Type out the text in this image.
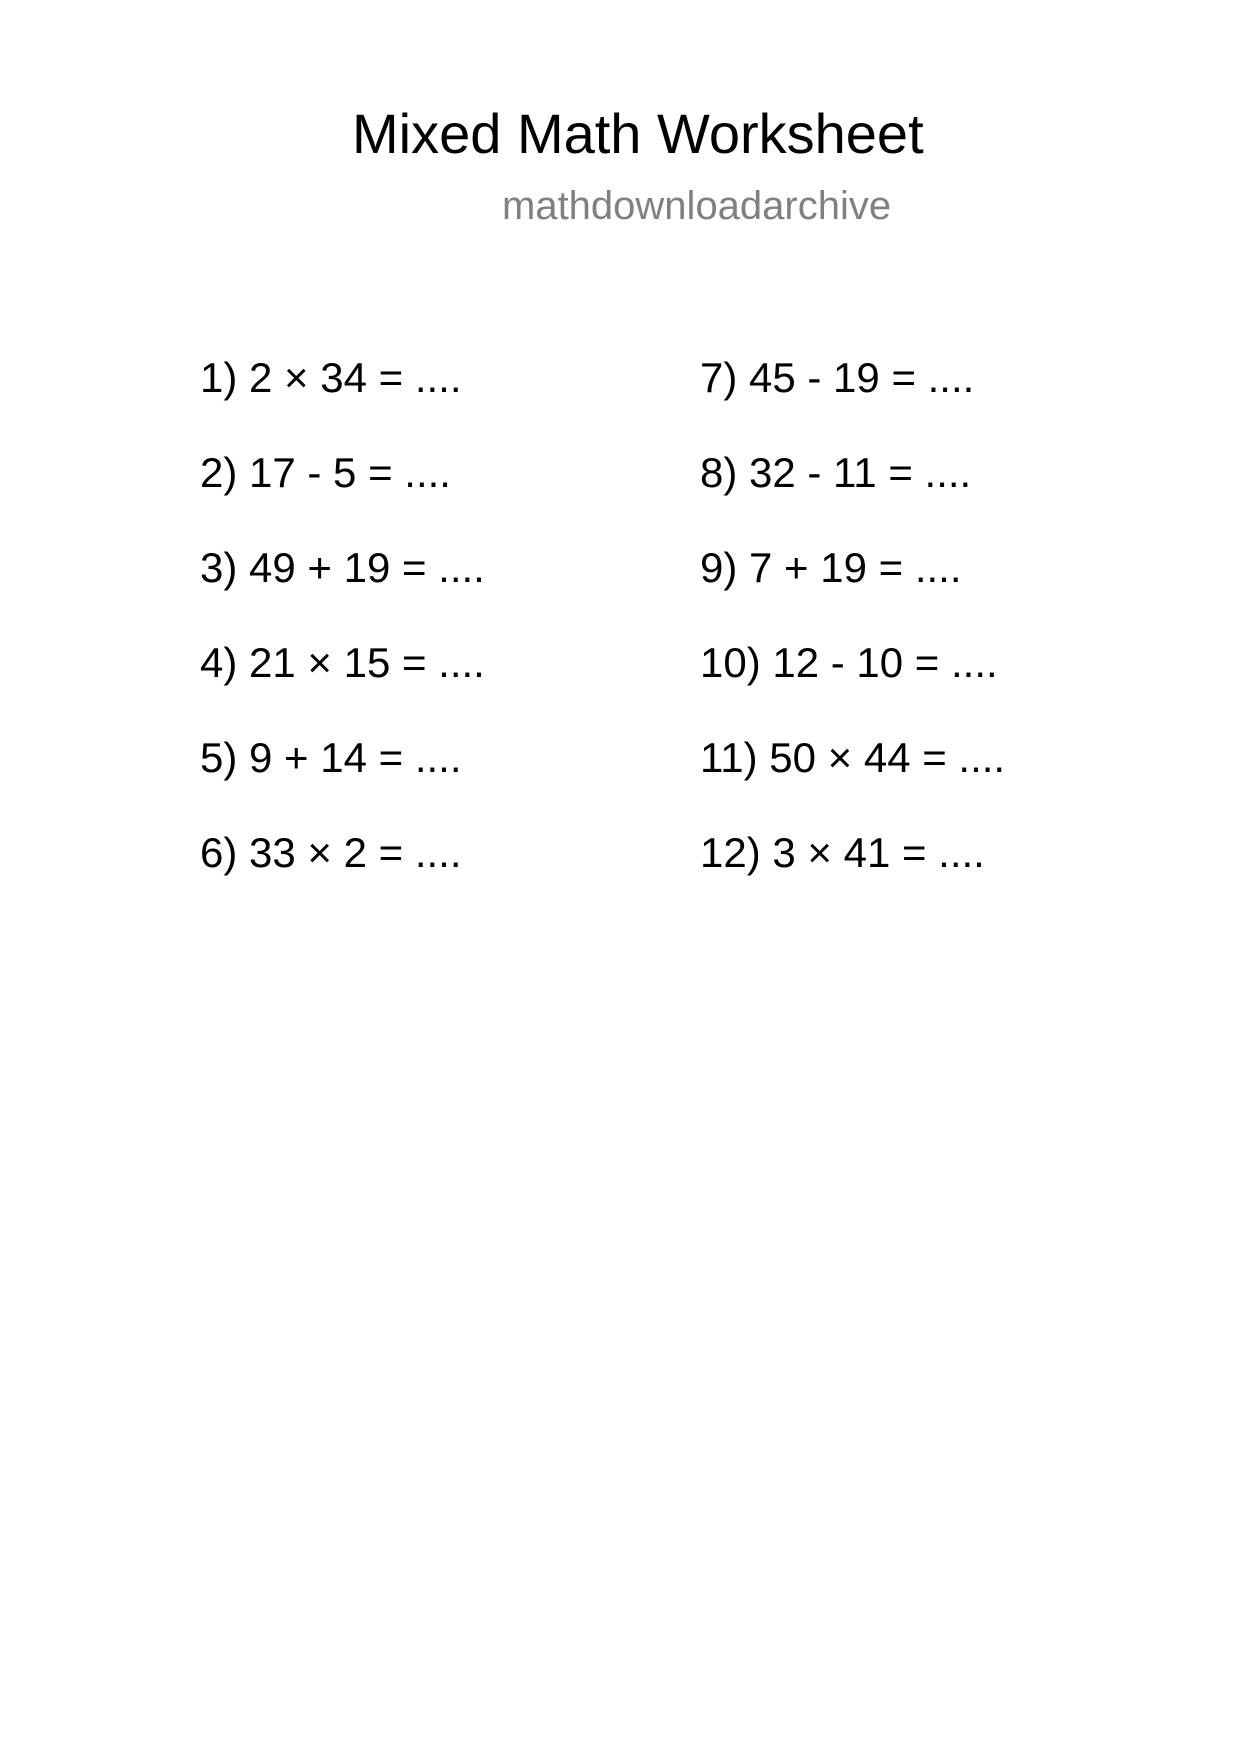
Mixed Math Worksheet
mathdownloadarchive
1) 2 × 34 = ....
2) 17 - 5 = ....
3) 49 + 19 = ....
4) 21 × 15 = ....
5) 9 + 14 = ....
6) 33 × 2 = ....
7) 45 - 19 = ....
8) 32 - 11 = ....
9) 7 + 19 = ....
10) 12 - 10 = ....
11) 50 × 44 = ....
12) 3 × 41 = ....
